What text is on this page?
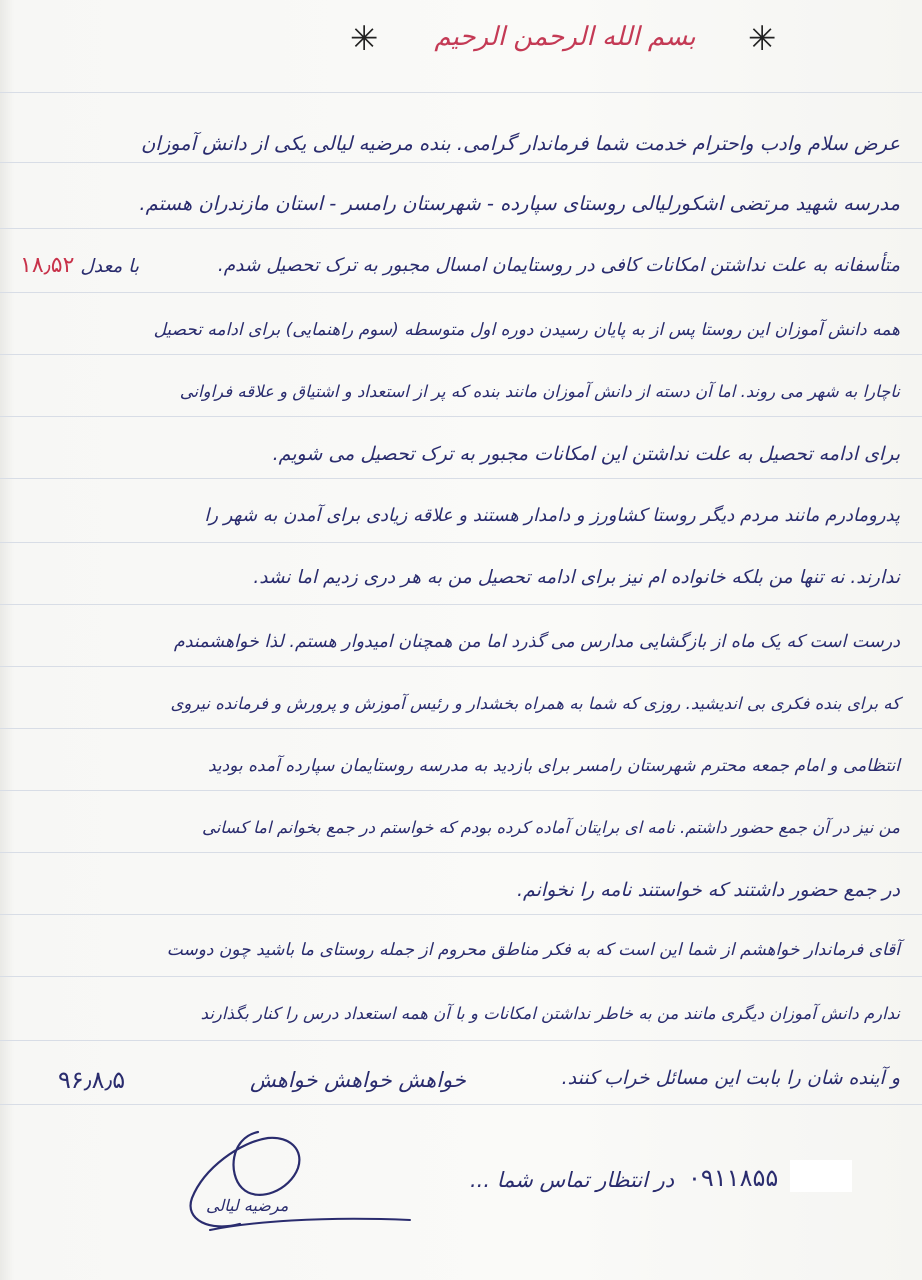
✳	بسم الله الرحمن الرحیم	✳
عرض سلام وادب واحترام خدمت شما فرماندار گرامی. بنده مرضیه لیالی یکی از دانش آموزان
مدرسه شهید مرتضی اشکورلیالی روستای سپارده - شهرستان رامسر - استان مازندران هستم.
متأسفانه به علت نداشتن امکانات کافی در روستایمان امسال مجبور به ترک تحصیل شدم.
با معدل ۱۸٫۵۲
همه دانش آموزان این روستا پس از به پایان رسیدن دوره اول متوسطه (سوم راهنمایی) برای ادامه تحصیل
ناچارا به شهر می روند. اما آن دسته از دانش آموزان مانند بنده که پر از استعداد و اشتیاق و علاقه فراوانی
برای ادامه تحصیل به علت نداشتن این امکانات مجبور به ترک تحصیل می شویم.
پدرومادرم مانند مردم دیگر روستا کشاورز و دامدار هستند و علاقه زیادی برای آمدن به شهر را
ندارند. نه تنها من بلکه خانواده ام نیز برای ادامه تحصیل من به هر دری زدیم اما نشد.
درست است که یک ماه از بازگشایی مدارس می گذرد اما من همچنان امیدوار هستم. لذا خواهشمندم
که برای بنده فکری بی اندیشید. روزی که شما به همراه بخشدار و رئیس آموزش و پرورش و فرمانده نیروی
انتظامی و امام جمعه محترم شهرستان رامسر برای بازدید به مدرسه روستایمان سپارده آمده بودید
من نیز در آن جمع حضور داشتم. نامه ای برایتان آماده کرده بودم که خواستم در جمع بخوانم اما کسانی
در جمع حضور داشتند که خواستند نامه را نخوانم.
آقای فرماندار خواهشم از شما این است که به فکر مناطق محروم از جمله روستای ما باشید چون دوست
ندارم دانش آموزان دیگری مانند من به خاطر نداشتن امکانات و با آن همه استعداد درس را کنار بگذارند
و آینده شان را بابت این مسائل خراب کنند.
خواهش خواهش خواهش
۹۶٫۸٫۵
در انتظار تماس شما ... ۰۹۱۱۸۵۵
مرضیه لیالی
